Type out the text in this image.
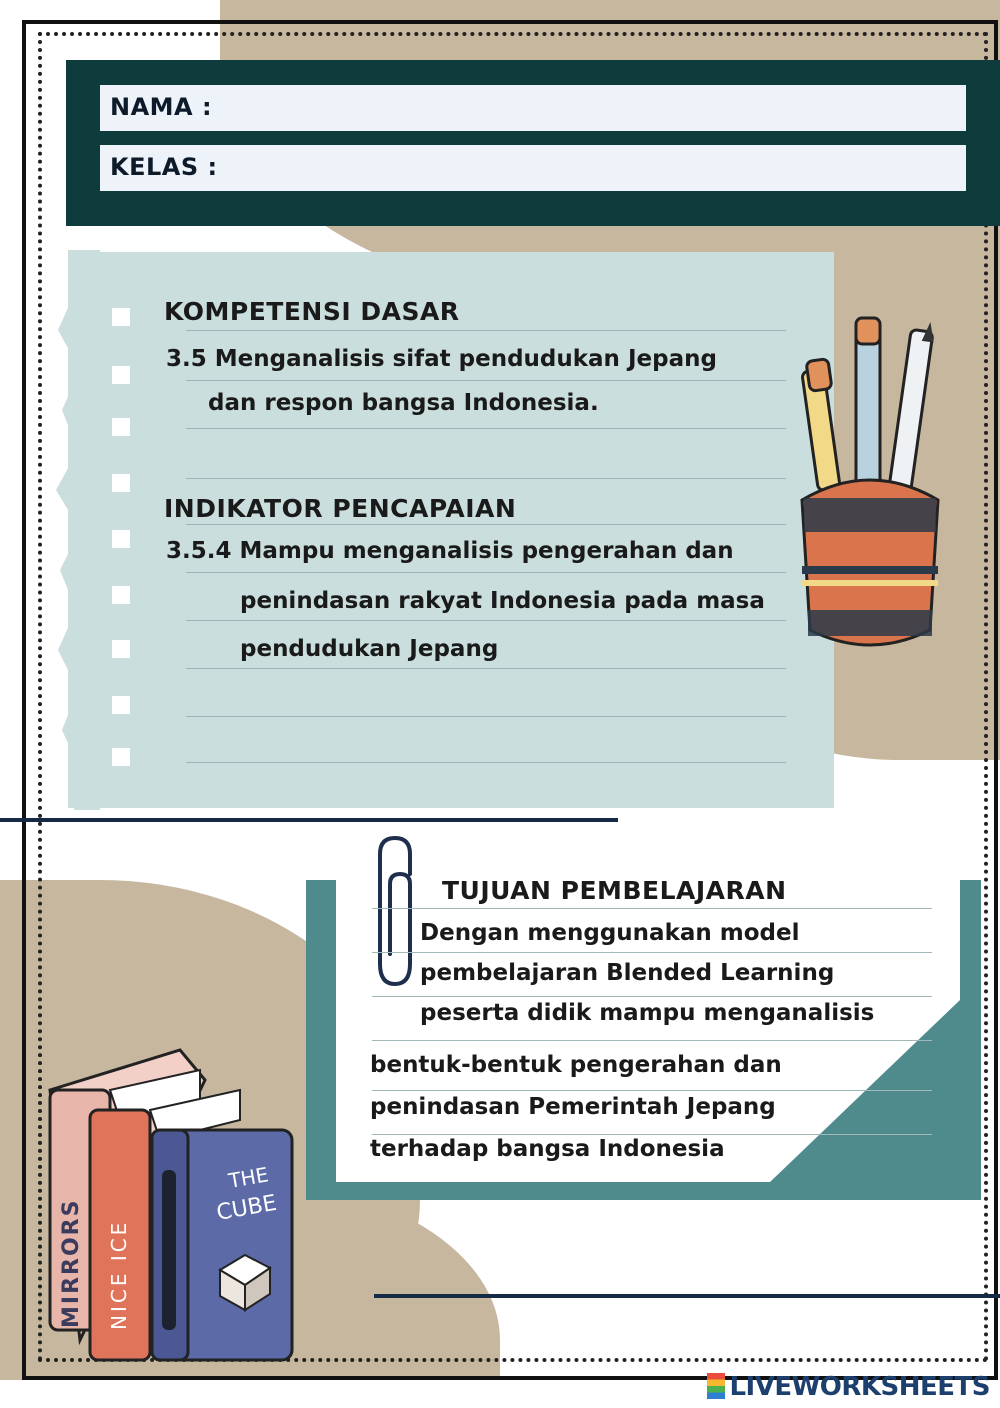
NAMA :
KELAS :
KOMPETENSI DASAR
3.5 Menganalisis sifat pendudukan Jepang
dan respon bangsa Indonesia.
INDIKATOR PENCAPAIAN
3.5.4 Mampu menganalisis pengerahan dan
penindasan rakyat Indonesia pada masa
pendudukan Jepang
TUJUAN PEMBELAJARAN
Dengan menggunakan model
pembelajaran Blended Learning
peserta didik mampu menganalisis
bentuk-bentuk pengerahan dan
penindasan Pemerintah Jepang
terhadap bangsa Indonesia
MIRRORS NICE ICE
THE
CUBE
LIVEWORKSHEETS
